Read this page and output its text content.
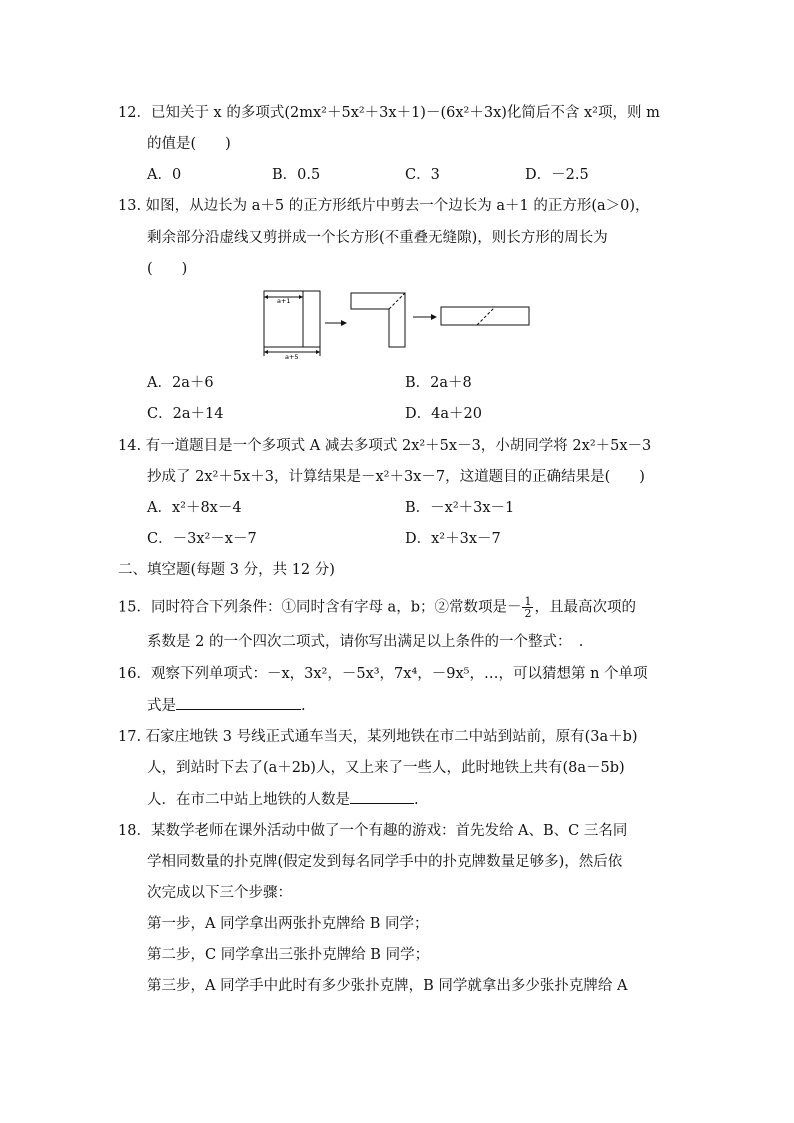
12．已知关于 x 的多项式(2mx²＋5x²＋3x＋1)－(6x²＋3x)化简后不含 x²项，则 m
的值是(　　)
A．0	B．0.5	C．3	D．－2.5
13. 如图，从边长为 a＋5 的正方形纸片中剪去一个边长为 a＋1 的正方形(a＞0)，
剩余部分沿虚线又剪拼成一个长方形(不重叠无缝隙)，则长方形的周长为
(　　)
a+1
a+5
A．2a＋6	B．2a＋8
C．2a＋14	D．4a＋20
14. 有一道题目是一个多项式 A 减去多项式 2x²＋5x－3，小胡同学将 2x²＋5x－3
抄成了 2x²＋5x＋3，计算结果是－x²＋3x－7，这道题目的正确结果是(　　)
A．x²＋8x－4	B．－x²＋3x－1
C．－3x²－x－7	D．x²＋3x－7
二、填空题(每题 3 分，共 12 分)
15．同时符合下列条件：①同时含有字母 a，b；②常数项是－ $\frac{1}{2}$ ，且最高次项的
系数是 2 的一个四次二项式，请你写出满足以上条件的一个整式：　.
16．观察下列单项式：－x，3x²，－5x³，7x⁴，－9x⁵，…，可以猜想第 n 个单项
式是	.
17. 石家庄地铁 3 号线正式通车当天，某列地铁在市二中站到站前，原有(3a＋b)
人，到站时下去了(a＋2b)人，又上来了一些人，此时地铁上共有(8a－5b)
人．在市二中站上地铁的人数是	.
18．某数学老师在课外活动中做了一个有趣的游戏：首先发给 A、B、C 三名同
学相同数量的扑克牌(假定发到每名同学手中的扑克牌数量足够多)，然后依
次完成以下三个步骤：
第一步，A 同学拿出两张扑克牌给 B 同学；
第二步，C 同学拿出三张扑克牌给 B 同学；
第三步，A 同学手中此时有多少张扑克牌，B 同学就拿出多少张扑克牌给 A
